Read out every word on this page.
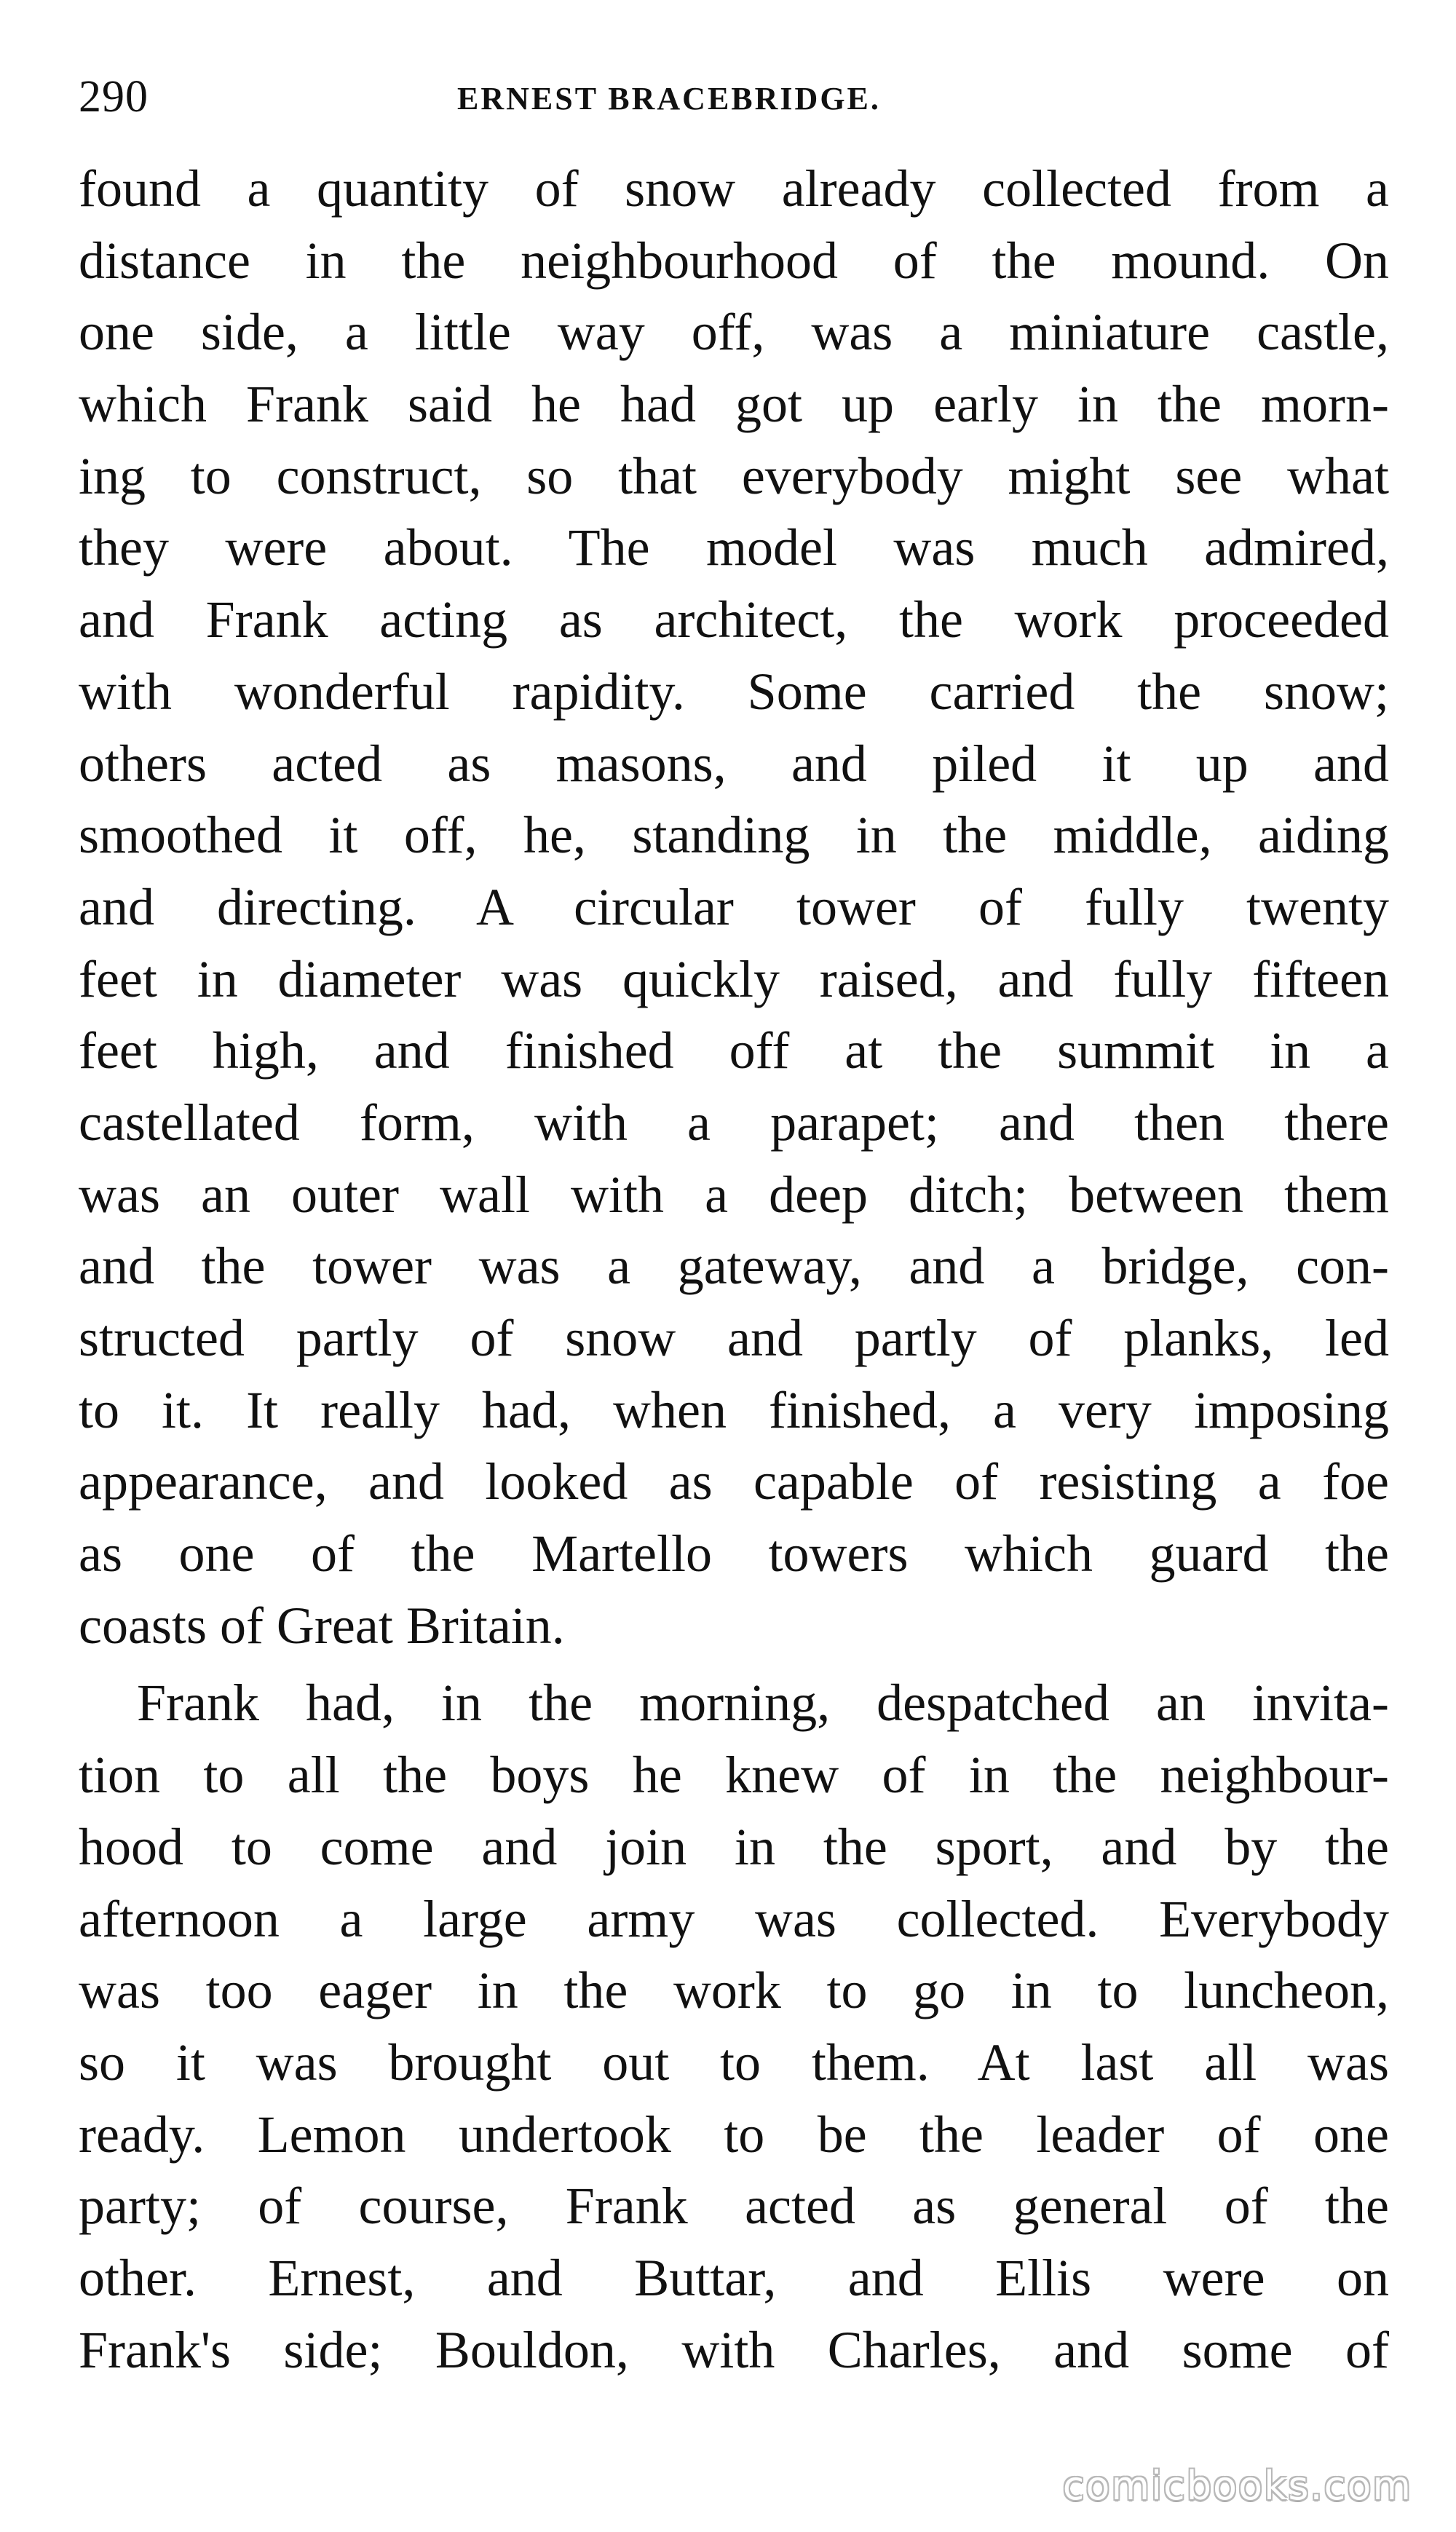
290	ERNEST BRACEBRIDGE.
found a quantity of snow already collected from a
distance in the neighbourhood of the mound. On
one side, a little way off, was a miniature castle,
which Frank said he had got up early in the morn-
ing to construct, so that everybody might see what
they were about. The model was much admired,
and Frank acting as architect, the work proceeded
with wonderful rapidity. Some carried the snow;
others acted as masons, and piled it up and
smoothed it off, he, standing in the middle, aiding
and directing. A circular tower of fully twenty
feet in diameter was quickly raised, and fully fifteen
feet high, and finished off at the summit in a
castellated form, with a parapet; and then there
was an outer wall with a deep ditch; between them
and the tower was a gateway, and a bridge, con-
structed partly of snow and partly of planks, led
to it. It really had, when finished, a very imposing
appearance, and looked as capable of resisting a foe
as one of the Martello towers which guard the
coasts of Great Britain.
Frank had, in the morning, despatched an invita-
tion to all the boys he knew of in the neighbour-
hood to come and join in the sport, and by the
afternoon a large army was collected. Everybody
was too eager in the work to go in to luncheon,
so it was brought out to them. At last all was
ready. Lemon undertook to be the leader of one
party; of course, Frank acted as general of the
other. Ernest, and Buttar, and Ellis were on
Frank's side; Bouldon, with Charles, and some of
comicbooks.com
